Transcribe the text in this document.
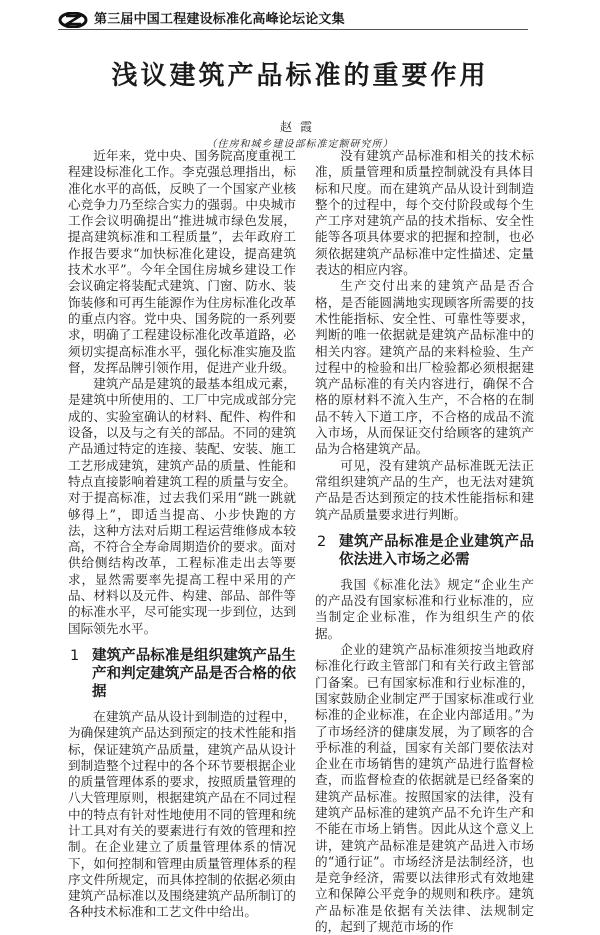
第三届中国工程建设标准化高峰论坛论文集
浅议建筑产品标准的重要作用
赵霞
（住房和城乡建设部标准定额研究所）

近年来，党中央、国务院高度重视工程建设标准化工作。李克强总理指出，标准化水平的高低，反映了一个国家产业核心竞争力乃至综合实力的强弱。中央城市工作会议明确提出“推进城市绿色发展，提高建筑标准和工程质量”，去年政府工作报告要求“加快标准化建设，提高建筑技术水平”。今年全国住房城乡建设工作会议确定将装配式建筑、门窗、防水、装饰装修和可再生能源作为住房标准化改革的重点内容。党中央、国务院的一系列要求，明确了工程建设标准化改革道路，必须切实提高标准水平，强化标准实施及监督，发挥品牌引领作用，促进产业升级。

建筑产品是建筑的最基本组成元素，是建筑中所使用的、工厂中完成或部分完成的、实验室确认的材料、配件、构件和设备，以及与之有关的部品。不同的建筑产品通过特定的连接、装配、安装、施工工艺形成建筑，建筑产品的质量、性能和特点直接影响着建筑工程的质量与安全。对于提高标准，过去我们采用“跳一跳就够得上”，即适当提高、小步快跑的方法，这种方法对后期工程运营维修成本较高，不符合全寿命周期造价的要求。面对供给侧结构改革，工程标准走出去等要求，显然需要率先提高工程中采用的产品、材料以及元件、构建、部品、部件等的标准水平，尽可能实现一步到位，达到国际领先水平。

1 建筑产品标准是组织建筑产品生产和判定建筑产品是否合格的依据

在建筑产品从设计到制造的过程中，为确保建筑产品达到预定的技术性能和指标，保证建筑产品质量，建筑产品从设计到制造整个过程中的各个环节要根据企业的质量管理体系的要求，按照质量管理的八大管理原则，根据建筑产品在不同过程中的特点有针对性地使用不同的管理和统计工具对有关的要素进行有效的管理和控制。在企业建立了质量管理体系的情况下，如何控制和管理由质量管理体系的程序文件所规定，而具体控制的依据必须由建筑产品标准以及围绕建筑产品所制订的各种技术标准和工艺文件中给出。

没有建筑产品标准和相关的技术标准，质量管理和质量控制就没有具体目标和尺度。而在建筑产品从设计到制造整个的过程中，每个交付阶段或每个生产工序对建筑产品的技术指标、安全性能等各项具体要求的把握和控制，也必须依据建筑产品标准中定性描述、定量表达的相应内容。

生产交付出来的建筑产品是否合格，是否能圆满地实现顾客所需要的技术性能指标、安全性、可靠性等要求，判断的唯一依据就是建筑产品标准中的相关内容。建筑产品的来料检验、生产过程中的检验和出厂检验都必须根据建筑产品标准的有关内容进行，确保不合格的原材料不流入生产，不合格的在制品不转入下道工序，不合格的成品不流入市场，从而保证交付给顾客的建筑产品为合格建筑产品。

可见，没有建筑产品标准既无法正常组织建筑产品的生产，也无法对建筑产品是否达到预定的技术性能指标和建筑产品质量要求进行判断。

2 建筑产品标准是企业建筑产品依法进入市场之必需

我国《标准化法》规定“企业生产的产品没有国家标准和行业标准的，应当制定企业标准，作为组织生产的依据。

企业的建筑产品标准须按当地政府标准化行政主管部门和有关行政主管部门备案。已有国家标准和行业标准的，国家鼓励企业制定严于国家标准或行业标准的企业标准，在企业内部适用。”为了市场经济的健康发展，为了顾客的合乎标准的利益，国家有关部门要依法对企业在市场销售的建筑产品进行监督检查，而监督检查的依据就是已经备案的建筑产品标准。按照国家的法律，没有建筑产品标准的建筑产品不允许生产和不能在市场上销售。因此从这个意义上讲，建筑产品标准是建筑产品进入市场的“通行证”。市场经济是法制经济，也是竞争经济，需要以法律形式有效地建立和保障公平竞争的规则和秩序。建筑产品标准是依据有关法律、法规制定的，起到了规范市场的作
